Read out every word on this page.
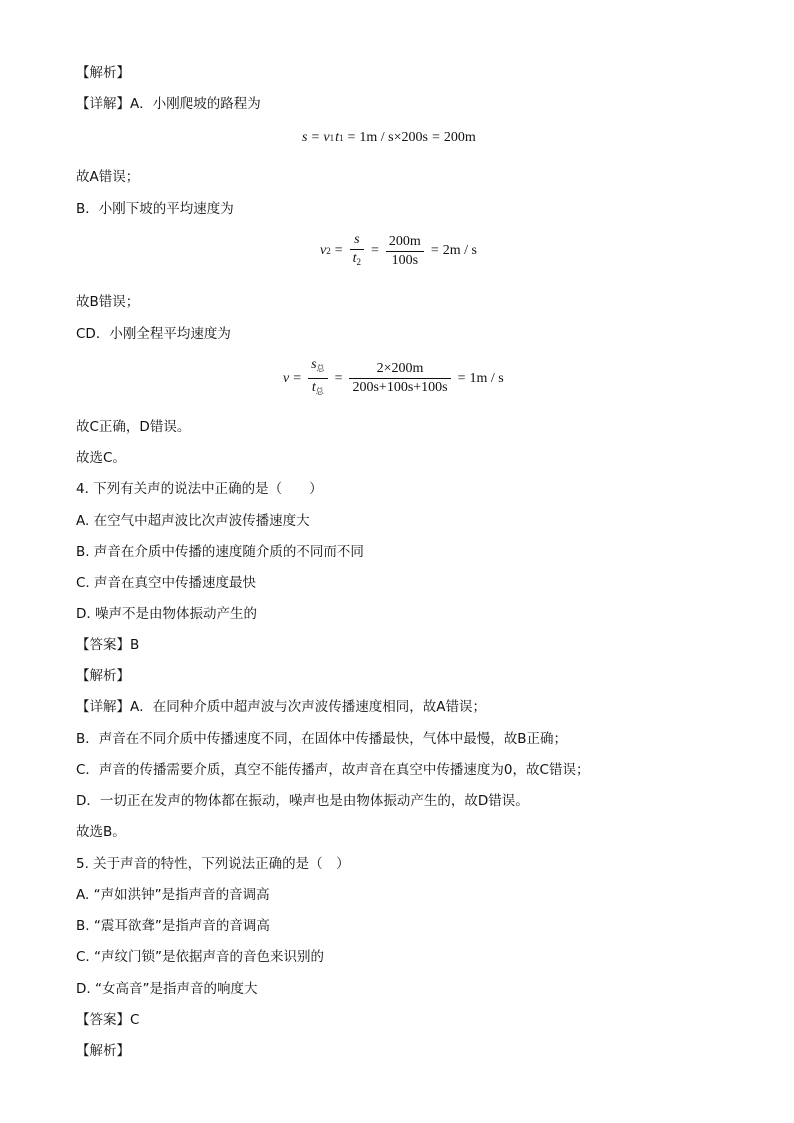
【解析】
【详解】A．小刚爬坡的路程为
故A错误；
B．小刚下坡的平均速度为
故B错误；
CD．小刚全程平均速度为
故C正确，D错误。
故选C。
4. 下列有关声的说法中正确的是（　　）
A. 在空气中超声波比次声波传播速度大
B. 声音在介质中传播的速度随介质的不同而不同
C. 声音在真空中传播速度最快
D. 噪声不是由物体振动产生的
【答案】B
【解析】
【详解】A．在同种介质中超声波与次声波传播速度相同，故A错误；
B．声音在不同介质中传播速度不同，在固体中传播最快，气体中最慢，故B正确；
C．声音的传播需要介质，真空不能传播声，故声音在真空中传播速度为0，故C错误；
D．一切正在发声的物体都在振动，噪声也是由物体振动产生的，故D错误。
故选B。
5. 关于声音的特性，下列说法正确的是（　）
A. “声如洪钟”是指声音的音调高
B. “震耳欲聋”是指声音的音调高
C. “声纹门锁”是依据声音的音色来识别的
D. “女高音”是指声音的响度大
【答案】C
【解析】
s = v 1 t 1 = 1m / s×200s = 200m
v $2 = \frac{s}{t_2} = \frac{200m}{100s} = 2m / s$
$v = \frac{s_总}{t_总} = \frac{2\times 200m}{200s+100s+100s} = 1m / s$
